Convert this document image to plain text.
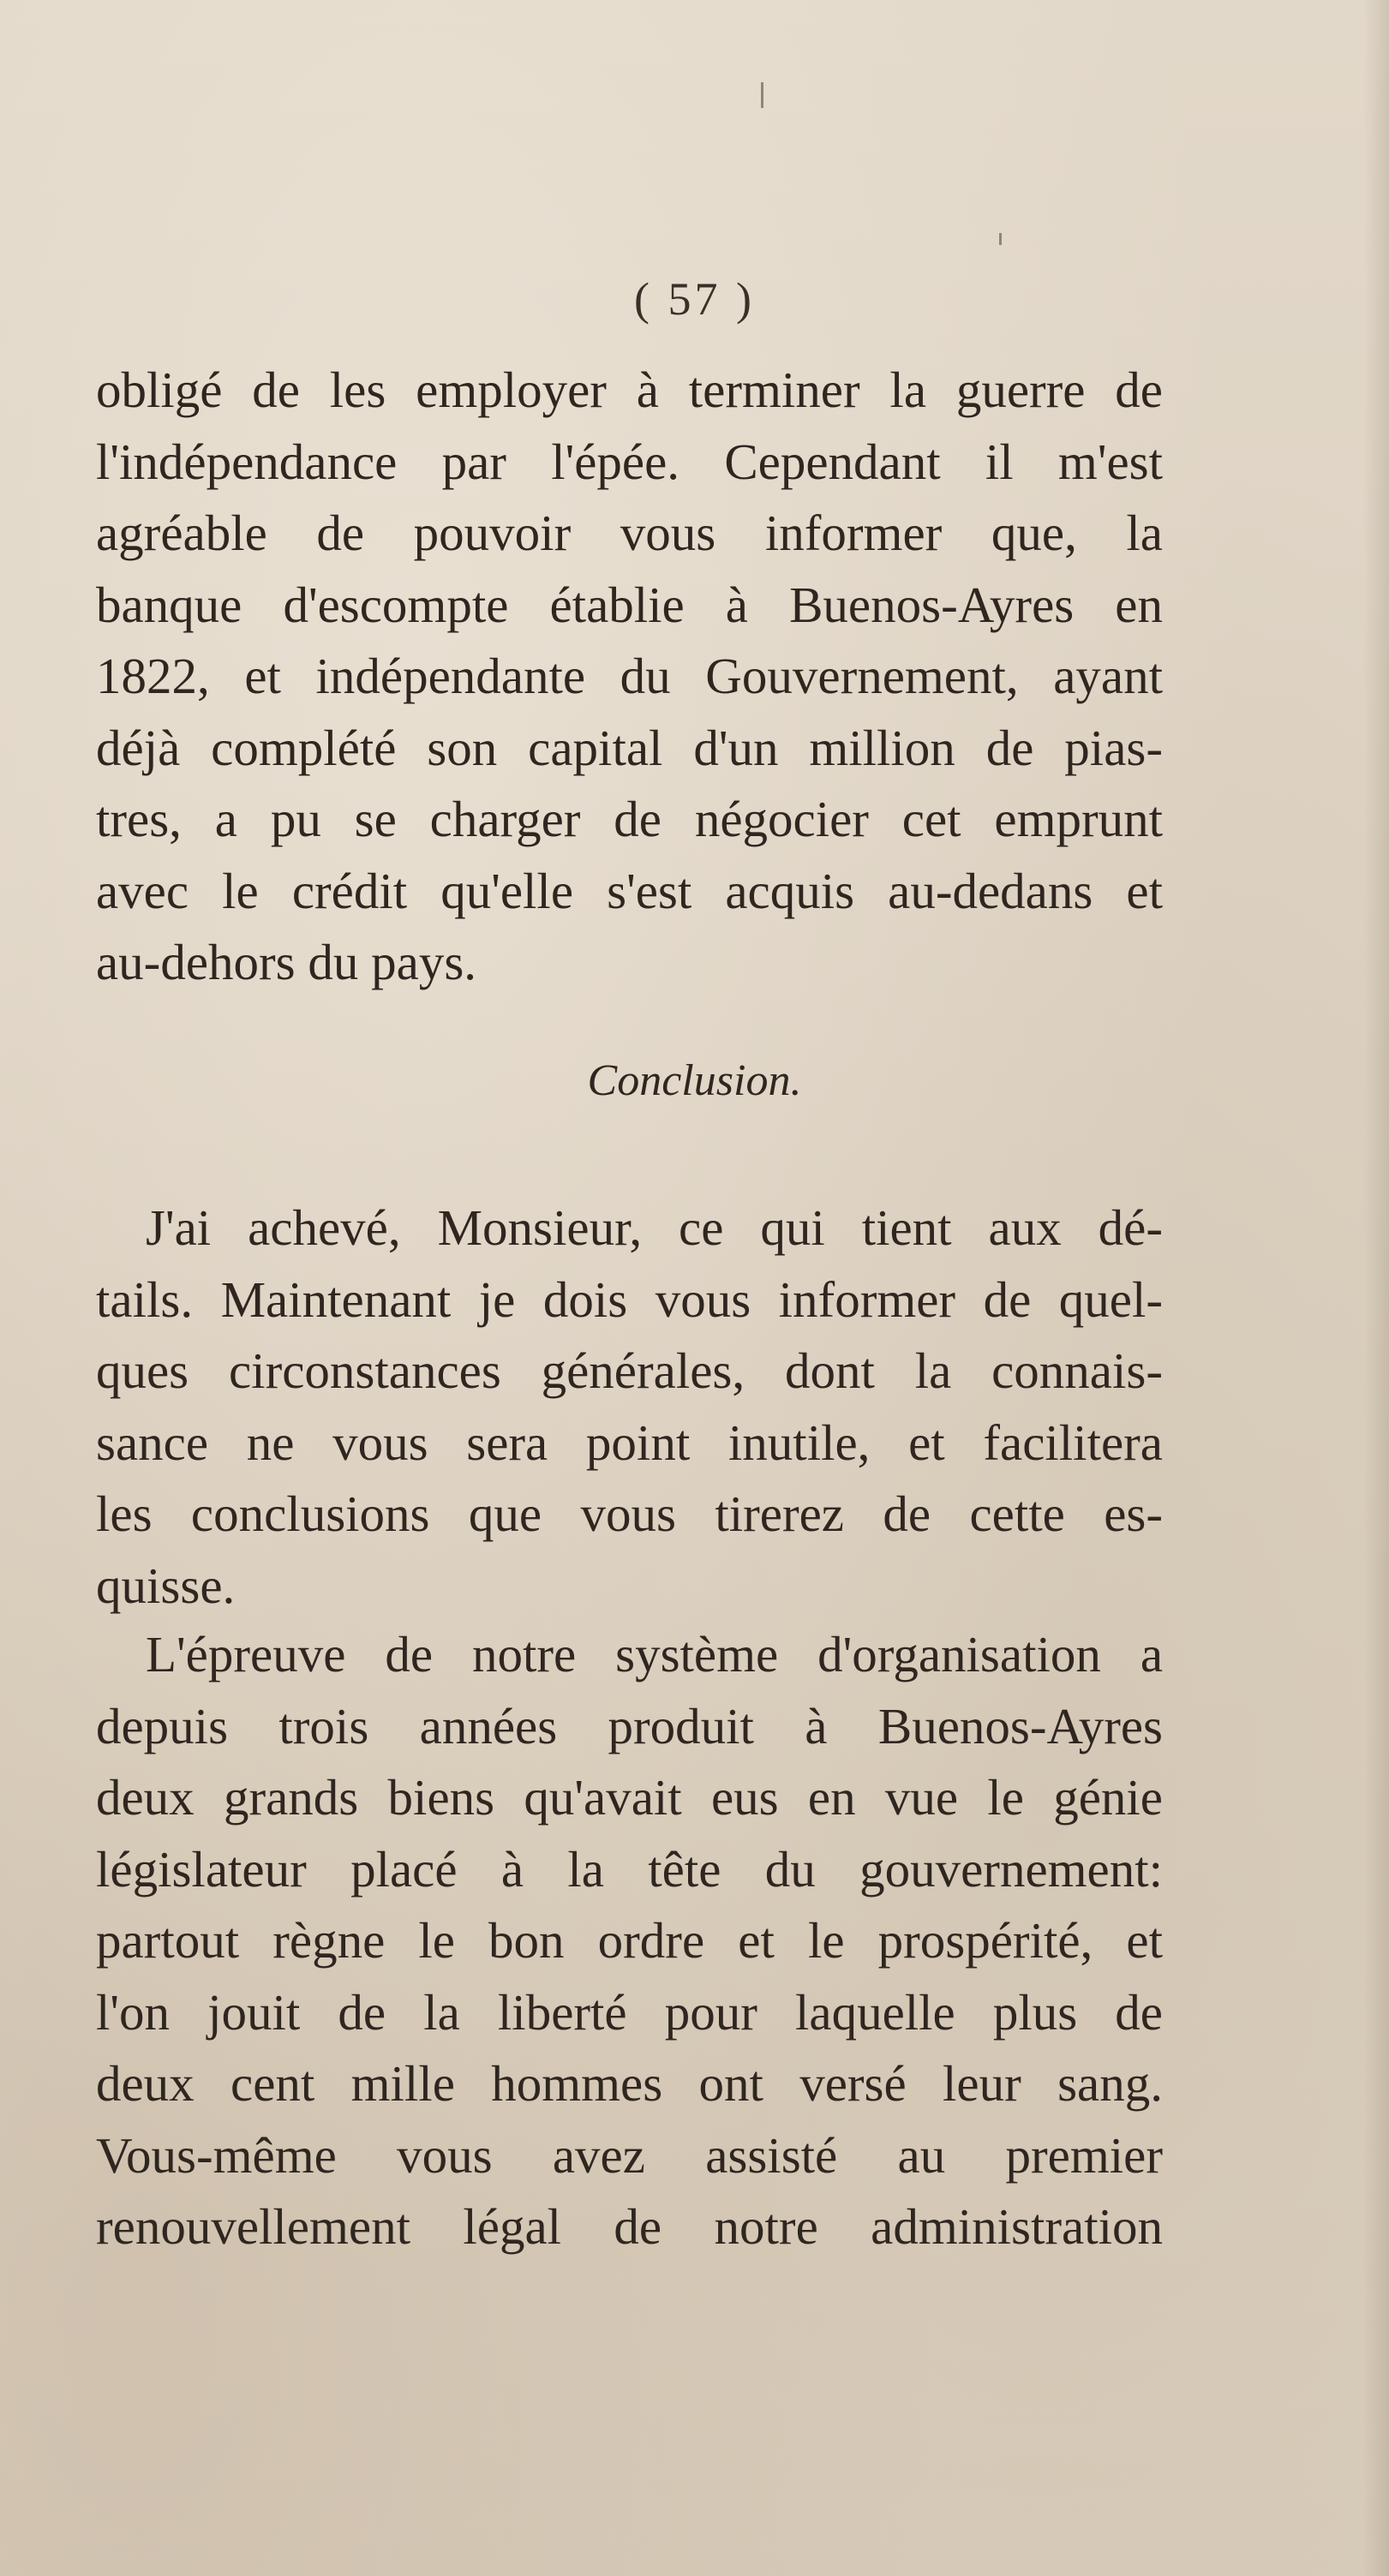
( 57 )
obligé de les employer à terminer la guerre de
l'indépendance par l'épée. Cependant il m'est
agréable de pouvoir vous informer que, la
banque d'escompte établie à Buenos-Ayres en
1822, et indépendante du Gouvernement, ayant
déjà complété son capital d'un million de pias-
tres, a pu se charger de négocier cet emprunt
avec le crédit qu'elle s'est acquis au-dedans et
au-dehors du pays.
Conclusion.
J'ai achevé, Monsieur, ce qui tient aux dé-
tails. Maintenant je dois vous informer de quel-
ques circonstances générales, dont la connais-
sance ne vous sera point inutile, et facilitera
les conclusions que vous tirerez de cette es-
quisse.
L'épreuve de notre système d'organisation a
depuis trois années produit à Buenos-Ayres
deux grands biens qu'avait eus en vue le génie
législateur placé à la tête du gouvernement:
partout règne le bon ordre et le prospérité, et
l'on jouit de la liberté pour laquelle plus de
deux cent mille hommes ont versé leur sang.
Vous-même vous avez assisté au premier
renouvellement légal de notre administration
